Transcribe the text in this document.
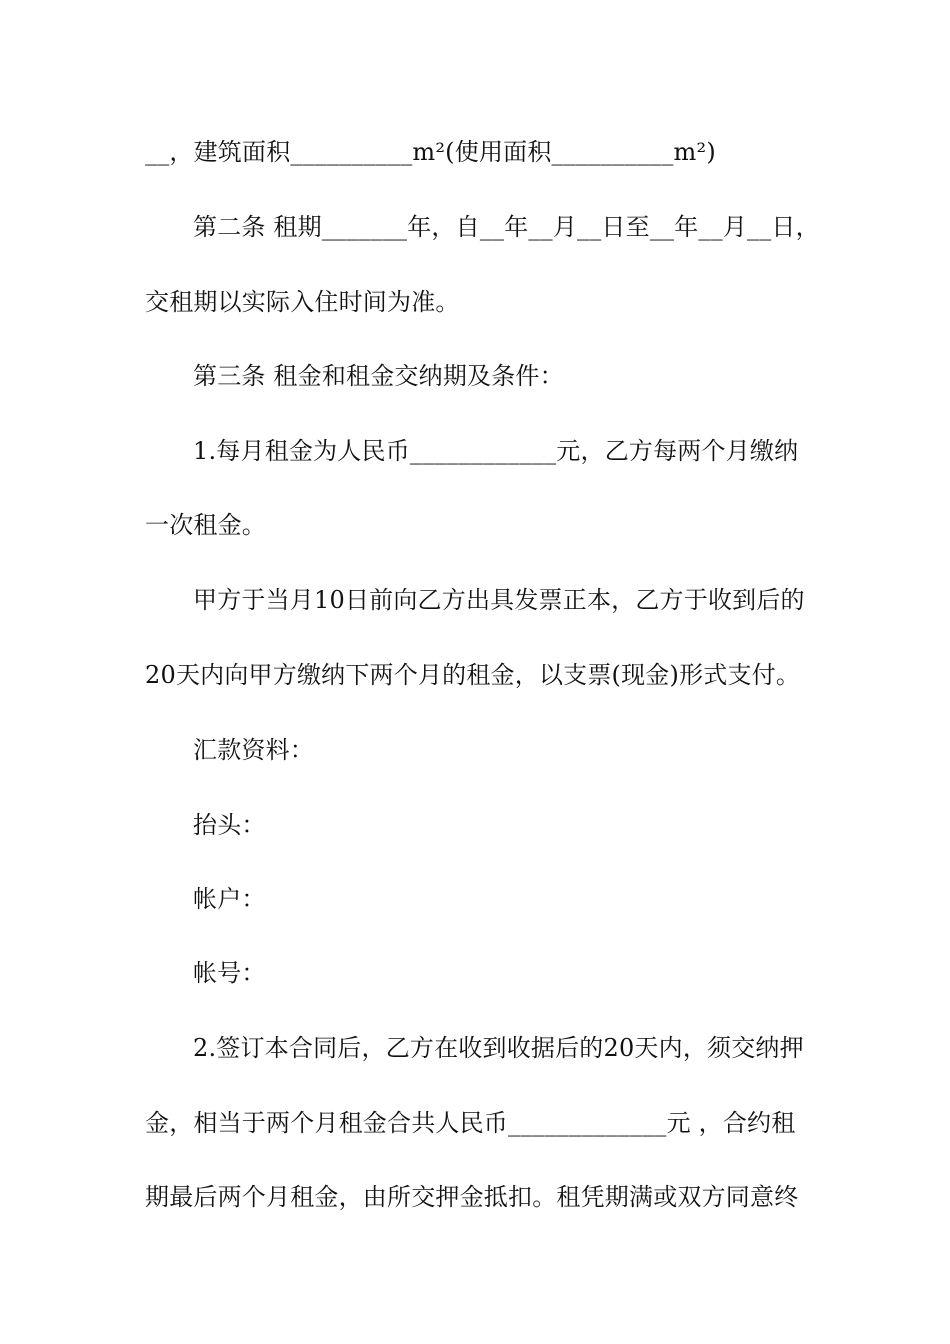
__，建筑面积__________m²(使用面积__________m²)
第二条 租期_______年，自__年__月__日至__年__月__日，
交租期以实际入住时间为准。
第三条 租金和租金交纳期及条件：
1.每月租金为人民币____________元，乙方每两个月缴纳
一次租金。
甲方于当月10日前向乙方出具发票正本，乙方于收到后的
20天内向甲方缴纳下两个月的租金，以支票(现金)形式支付。
汇款资料：
抬头：
帐户：
帐号：
2.签订本合同后，乙方在收到收据后的20天内，须交纳押
金，相当于两个月租金合共人民币_____________元 ，合约租
期最后两个月租金，由所交押金抵扣。租凭期满或双方同意终
